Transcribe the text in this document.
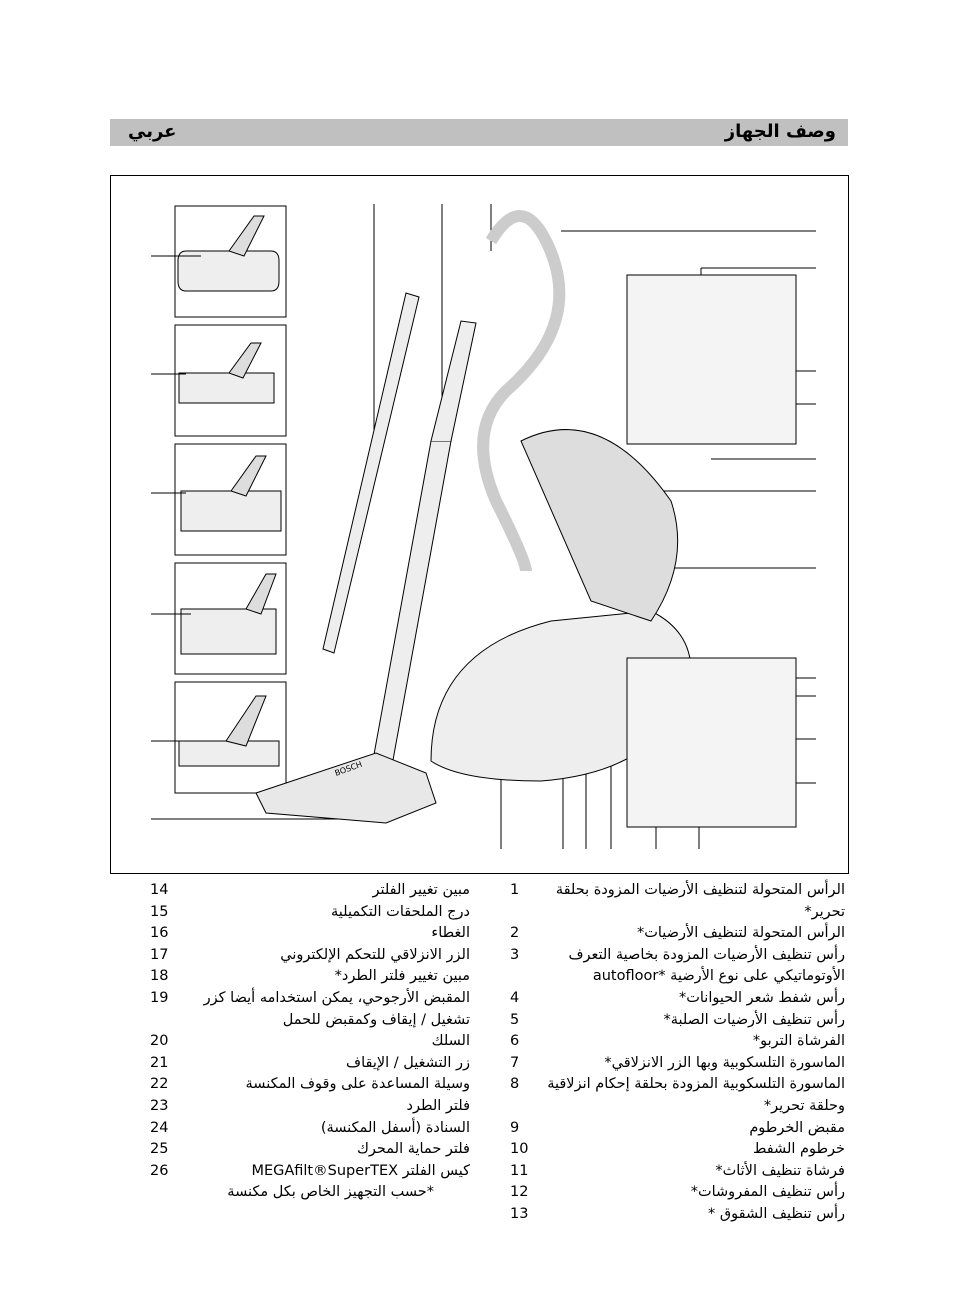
وصف الجهاز
عربي
BOSCH
الرأس المتحولة لتنظيف الأرضيات المزودة بحلقة تحرير*
1
الرأس المتحولة لتنظيف الأرضيات*
2
رأس تنظيف الأرضيات المزودة بخاصية التعرف الأوتوماتيكي على نوع الأرضية *autofloor
3
رأس شفط شعر الحيوانات*
4
رأس تنظيف الأرضيات الصلبة*
5
الفرشاة التربو*
6
الماسورة التلسكوبية وبها الزر الانزلاقي*
7
الماسورة التلسكوبية المزودة بحلقة إحكام انزلاقية وحلقة تحرير*
8
مقبض الخرطوم
9
خرطوم الشفط
10
فرشاة تنظيف الأثاث*
11
رأس تنظيف المفروشات*
12
رأس تنظيف الشقوق *
13
مبين تغيير الفلتر
14
درج الملحقات التكميلية
15
الغطاء
16
الزر الانزلاقي للتحكم الإلكتروني
17
مبين تغيير فلتر الطرد*
18
المقبض الأرجوحي، يمكن استخدامه أيضا كزر تشغيل / إيقاف وكمقبض للحمل
19
السلك
20
زر التشغيل / الإيقاف
21
وسيلة المساعدة على وقوف المكنسة
22
فلتر الطرد
23
السنادة (أسفل المكنسة)
24
فلتر حماية المحرك
25
كيس الفلتر MEGAfilt®SuperTEX
26
*حسب التجهيز الخاص بكل مكنسة
